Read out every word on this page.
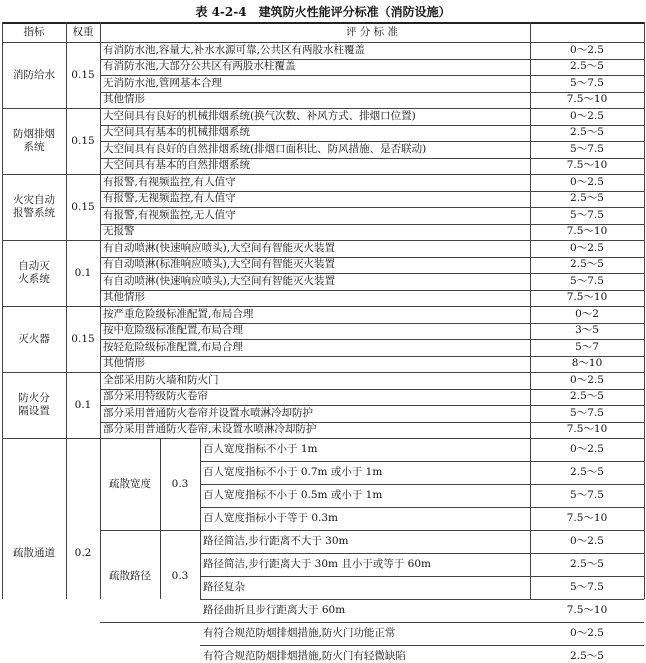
表 4-2-4　建筑防火性能评分标准（消防设施）
指标	权重	评 分 标 准
消防给水	0.15
有消防水池,容量大,补水水源可靠,公共区有两股水柱覆盖	0～2.5
有消防水池,大部分公共区有两股水柱覆盖	2.5～5
无消防水池,管网基本合理	5～7.5
其他情形	7.5～10
防烟排烟
系统
0.15
大空间具有良好的机械排烟系统(换气次数、补风方式、排烟口位置)	0～2.5
大空间具有基本的机械排烟系统	2.5～5
大空间具有良好的自然排烟系统(排烟口面积比、防风措施、是否联动)	5～7.5
大空间具有基本的自然排烟系统	7.5～10
火灾自动
报警系统
0.15
有报警,有视频监控,有人值守	0～2.5
有报警,无视频监控,有人值守	2.5～5
有报警,有视频监控,无人值守	5～7.5
无报警	7.5～10
自动灭
火系统
0.1
有自动喷淋(快速响应喷头),大空间有智能灭火装置	0～2.5
有自动喷淋(标准响应喷头),大空间有智能灭火装置	2.5～5
有自动喷淋(快速响应喷头),大空间有智能灭火装置	5～7.5
其他情形	7.5～10
灭火器	0.15
按严重危险级标准配置,布局合理	0～2
按中危险级标准配置,布局合理	3～5
按轻危险级标准配置,布局合理	5～7
其他情形	8～10
防火分
隔设置
0.1
全部采用防火墙和防火门	0～2.5
部分采用特级防火卷帘	2.5～5
部分采用普通防火卷帘并设置水喷淋冷却防护	5～7.5
部分采用普通防火卷帘,未设置水喷淋冷却防护	7.5～10
疏散通道	0.2
疏散宽度	0.3
百人宽度指标不小于 1m	0～2.5
百人宽度指标不小于 0.7m 或小于 1m	2.5～5
百人宽度指标不小于 0.5m 或小于 1m	5～7.5
百人宽度指标小于等于 0.3m	7.5～10
疏散路径	0.3
路径简洁,步行距离不大于 30m	0～2.5
路径简洁,步行距离大于 30m 且小于或等于 60m	2.5～5
路径复杂	5～7.5
路径曲折且步行距离大于 60m	7.5～10
有符合规范防烟排烟措施,防火门功能正常	0～2.5
有符合规范防烟排烟措施,防火门有轻微缺陷	2.5～5
